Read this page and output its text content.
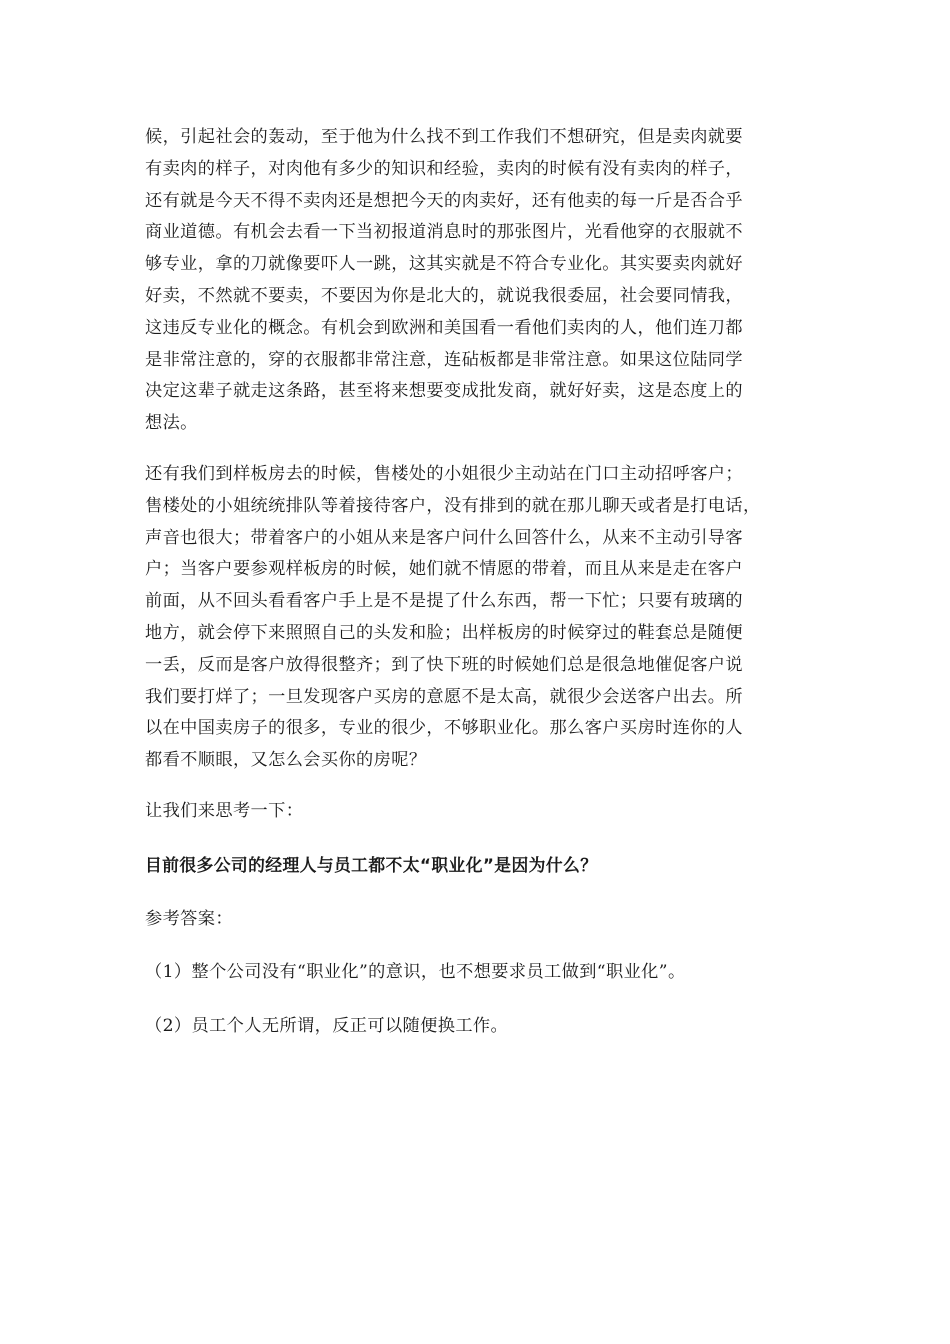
候，引起社会的轰动，至于他为什么找不到工作我们不想研究，但是卖肉就要
有卖肉的样子，对肉他有多少的知识和经验，卖肉的时候有没有卖肉的样子，
还有就是今天不得不卖肉还是想把今天的肉卖好，还有他卖的每一斤是否合乎
商业道德。有机会去看一下当初报道消息时的那张图片，光看他穿的衣服就不
够专业，拿的刀就像要吓人一跳，这其实就是不符合专业化。其实要卖肉就好
好卖，不然就不要卖，不要因为你是北大的，就说我很委屈，社会要同情我，
这违反专业化的概念。有机会到欧洲和美国看一看他们卖肉的人，他们连刀都
是非常注意的，穿的衣服都非常注意，连砧板都是非常注意。如果这位陆同学
决定这辈子就走这条路，甚至将来想要变成批发商，就好好卖，这是态度上的
想法。
还有我们到样板房去的时候，售楼处的小姐很少主动站在门口主动招呼客户；
售楼处的小姐统统排队等着接待客户，没有排到的就在那儿聊天或者是打电话，
声音也很大；带着客户的小姐从来是客户问什么回答什么，从来不主动引导客
户；当客户要参观样板房的时候，她们就不情愿的带着，而且从来是走在客户
前面，从不回头看看客户手上是不是提了什么东西，帮一下忙；只要有玻璃的
地方，就会停下来照照自己的头发和脸；出样板房的时候穿过的鞋套总是随便
一丢，反而是客户放得很整齐；到了快下班的时候她们总是很急地催促客户说
我们要打烊了；一旦发现客户买房的意愿不是太高，就很少会送客户出去。所
以在中国卖房子的很多，专业的很少，不够职业化。那么客户买房时连你的人
都看不顺眼，又怎么会买你的房呢？
让我们来思考一下：
目前很多公司的经理人与员工都不太“职业化”是因为什么？
参考答案：
（1）整个公司没有“职业化”的意识，也不想要求员工做到“职业化”。
（2）员工个人无所谓，反正可以随便换工作。
